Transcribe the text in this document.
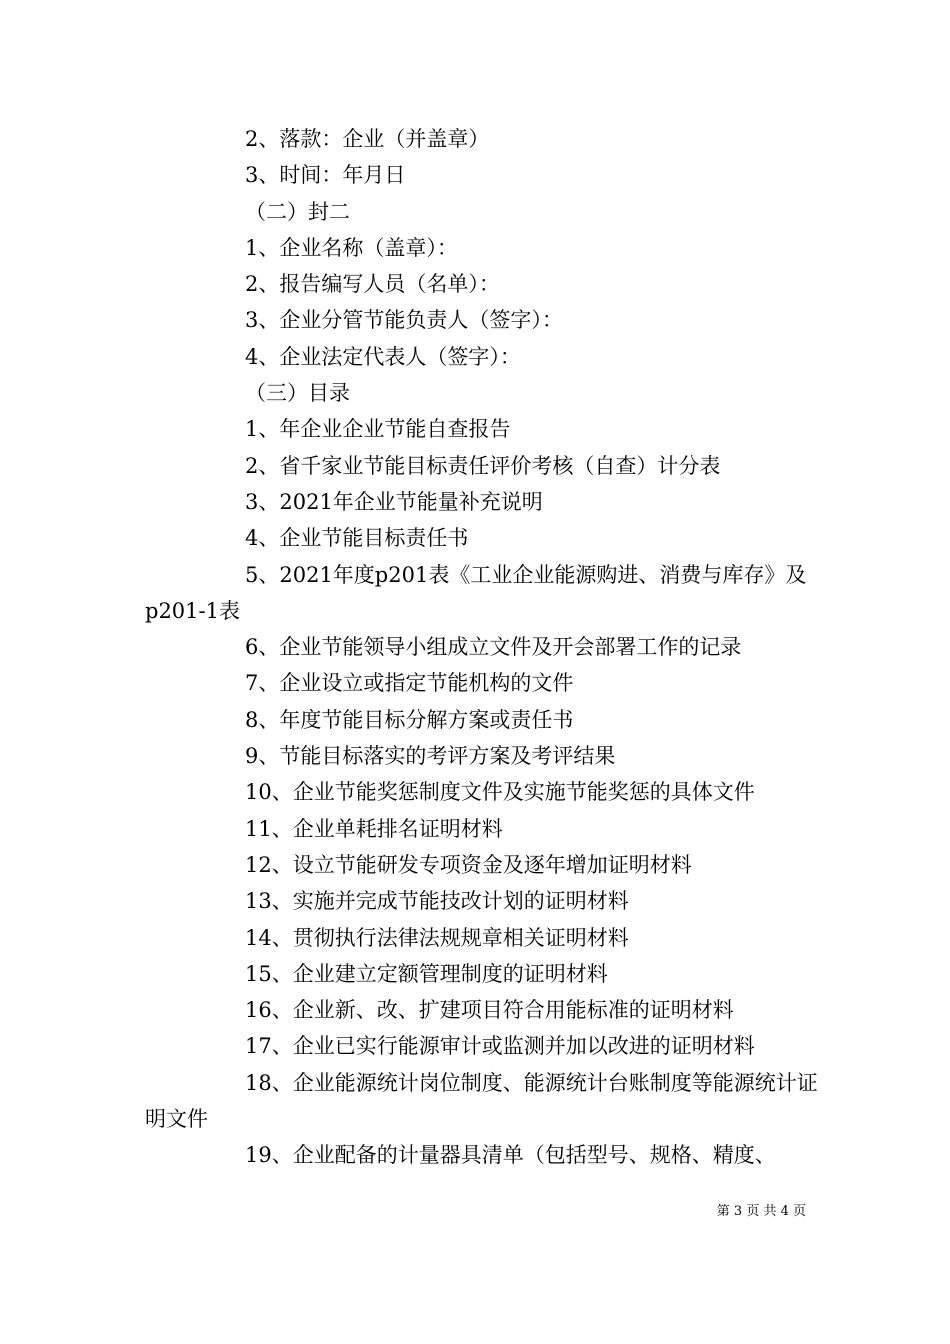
2、落款：企业（并盖章）
3、时间：年月日
（二）封二
1、企业名称（盖章）：
2、报告编写人员（名单）：
3、企业分管节能负责人（签字）：
4、企业法定代表人（签字）：
（三）目录
1、年企业企业节能自查报告
2、省千家业节能目标责任评价考核（自查）计分表
3、2021年企业节能量补充说明
4、企业节能目标责任书
5、2021年度p201表《工业企业能源购进、消费与库存》及p201-1表
6、企业节能领导小组成立文件及开会部署工作的记录
7、企业设立或指定节能机构的文件
8、年度节能目标分解方案或责任书
9、节能目标落实的考评方案及考评结果
10、企业节能奖惩制度文件及实施节能奖惩的具体文件
11、企业单耗排名证明材料
12、设立节能研发专项资金及逐年增加证明材料
13、实施并完成节能技改计划的证明材料
14、贯彻执行法律法规规章相关证明材料
15、企业建立定额管理制度的证明材料
16、企业新、改、扩建项目符合用能标准的证明材料
17、企业已实行能源审计或监测并加以改进的证明材料
18、企业能源统计岗位制度、能源统计台账制度等能源统计证明文件
19、企业配备的计量器具清单（包括型号、规格、精度、
第 3 页 共 4 页
